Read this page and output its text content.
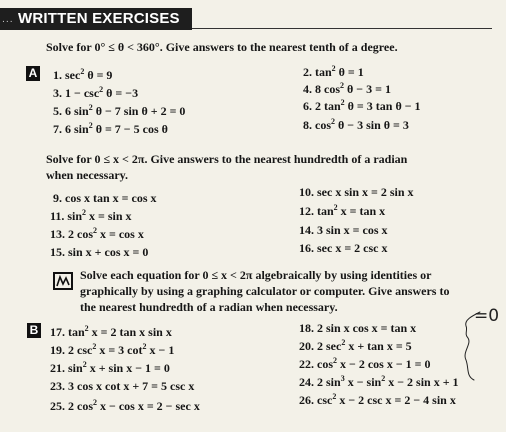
... WRITTEN EXERCISES
Solve for 0° ≤ θ < 360°. Give answers to the nearest tenth of a degree.
A 1. $\sec^2 \theta = 9$	2. $\tan^2 \theta = 1$
3. $1 - \csc^2 \theta = -3$	4. 8 $\cos^2 \theta - 3 = 1$
5. 6 $\sin^2 \theta - 7$ sin θ + 2 = 0	6. 2 $\tan^2 \theta = 3$ tan θ − 1
7. 6 $\sin^2 \theta = 7 - 5$ cos θ	8. $\cos^2 \theta - 3$ sin θ = 3
Solve for 0 ≤ x < 2π. Give answers to the nearest hundredth of a radian
when necessary.
9. cos x tan x = cos x	10. sec x sin x = 2 sin x
11. $\sin^2 x = \sin x$	12. $\tan^2 x = \tan x$
13. 2 $\cos^2 x = \cos x$	14. 3 sin x = cos x
15. sin x + cos x = 0	16. sec x = 2 csc x
Solve each equation for 0 ≤ x < 2π algebraically by using identities or
graphically by using a graphing calculator or computer. Give answers to
the nearest hundredth of a radian when necessary.
B 17. $\tan^2 x = 2$ tan x sin x	18. 2 sin x cos x = tan x
19. 2 $\csc^2 x = 3$ $\cot^2 x - 1$	20. 2 $\sec^2 x + \tan x = 5$
21. $\sin^2 x + \sin x - 1 = 0$	22. $\cos^2 x - 2$ cos x − 1 = 0
23. 3 cos x cot x + 7 = 5 csc x	24. 2 $\sin^3 x - \sin^2 x - 2$ sin x + 1
25. 2 $\cos^2 x - \cos x = 2 - \sec x$	26. $\csc^2 x - 2$ csc x = 2 − 4 sin x
=0
